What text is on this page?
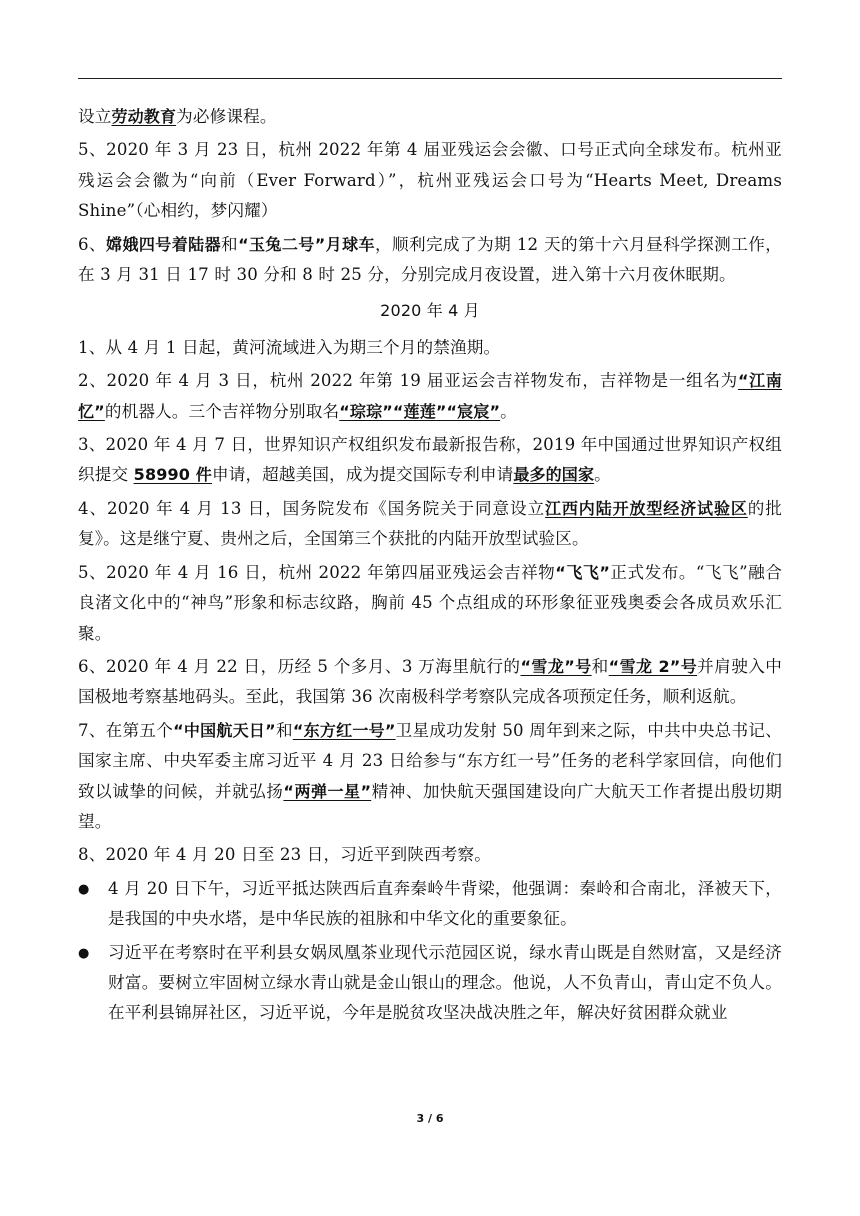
设立劳动教育为必修课程。
5、2020 年 3 月 23 日，杭州 2022 年第 4 届亚残运会会徽、口号正式向全球发布。杭州亚残运会会徽为“向前（Ever Forward）”，杭州亚残运会口号为“Hearts Meet, Dreams Shine”（心相约，梦闪耀）
6、嫦娥四号着陆器和“玉兔二号”月球车，顺利完成了为期 12 天的第十六月昼科学探测工作，在 3 月 31 日 17 时 30 分和 8 时 25 分，分别完成月夜设置，进入第十六月夜休眠期。
2020 年 4 月
1、从 4 月 1 日起，黄河流域进入为期三个月的禁渔期。
2、2020 年 4 月 3 日，杭州 2022 年第 19 届亚运会吉祥物发布，吉祥物是一组名为“江南忆”的机器人。三个吉祥物分别取名“琮琮”“莲莲”“宸宸”。
3、2020 年 4 月 7 日，世界知识产权组织发布最新报告称，2019 年中国通过世界知识产权组织提交 58990 件申请，超越美国，成为提交国际专利申请最多的国家。
4、2020 年 4 月 13 日，国务院发布《国务院关于同意设立江西内陆开放型经济试验区的批复》。这是继宁夏、贵州之后，全国第三个获批的内陆开放型试验区。
5、2020 年 4 月 16 日，杭州 2022 年第四届亚残运会吉祥物“飞飞”正式发布。“飞飞”融合良渚文化中的“神鸟”形象和标志纹路，胸前 45 个点组成的环形象征亚残奥委会各成员欢乐汇聚。
6、2020 年 4 月 22 日，历经 5 个多月、3 万海里航行的“雪龙”号和“雪龙 2”号并肩驶入中国极地考察基地码头。至此，我国第 36 次南极科学考察队完成各项预定任务，顺利返航。
7、在第五个“中国航天日”和“东方红一号”卫星成功发射 50 周年到来之际，中共中央总书记、国家主席、中央军委主席习近平 4 月 23 日给参与“东方红一号”任务的老科学家回信，向他们致以诚挚的问候，并就弘扬“两弹一星”精神、加快航天强国建设向广大航天工作者提出殷切期望。
8、2020 年 4 月 20 日至 23 日，习近平到陕西考察。
●	4 月 20 日下午，习近平抵达陕西后直奔秦岭牛背梁，他强调：秦岭和合南北，泽被天下，是我国的中央水塔，是中华民族的祖脉和中华文化的重要象征。
●	习近平在考察时在平利县女娲凤凰茶业现代示范园区说，绿水青山既是自然财富，又是经济财富。要树立牢固树立绿水青山就是金山银山的理念。他说，人不负青山，青山定不负人。在平利县锦屏社区，习近平说，今年是脱贫攻坚决战决胜之年，解决好贫困群众就业
3 / 6
